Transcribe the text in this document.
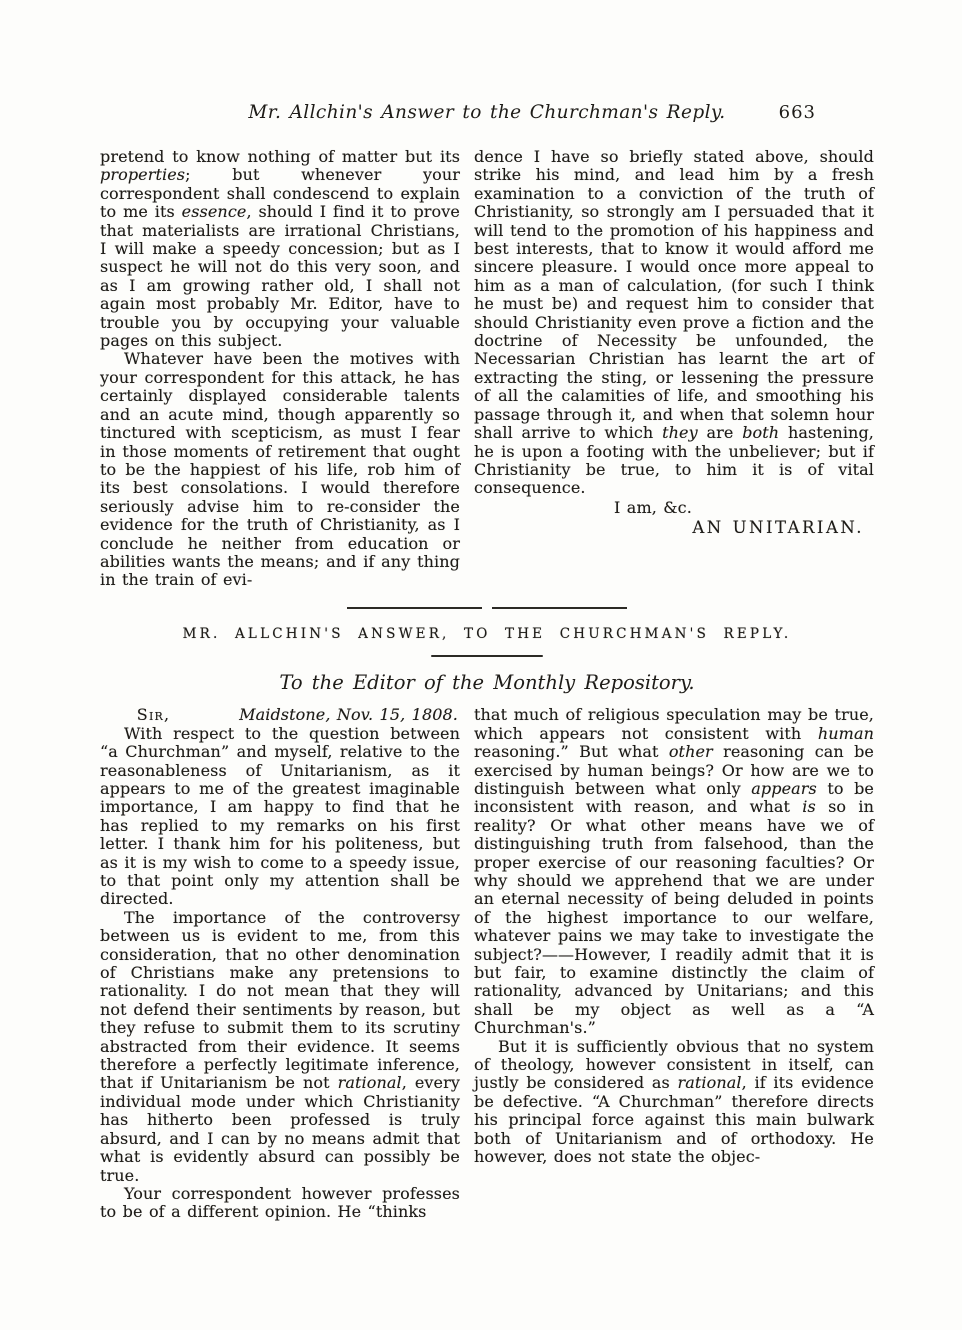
Mr. Allchin's Answer to the Churchman's Reply.	663

pretend to know nothing of matter but its properties; but whenever your correspondent shall condescend to explain to me its essence, should I find it to prove that materialists are irrational Christians, I will make a speedy concession; but as I suspect he will not do this very soon, and as I am growing rather old, I shall not again most probably Mr. Editor, have to trouble you by occupying your valuable pages on this subject.

Whatever have been the motives with your correspondent for this attack, he has certainly displayed considerable talents and an acute mind, though apparently so tinctured with scepticism, as must I fear in those moments of retirement that ought to be the happiest of his life, rob him of its best consolations. I would therefore seriously advise him to re-consider the evidence for the truth of Christianity, as I conclude he neither from education or abilities wants the means; and if any thing in the train of evi-

dence I have so briefly stated above, should strike his mind, and lead him by a fresh examination to a conviction of the truth of Christianity, so strongly am I persuaded that it will tend to the promotion of his happiness and best interests, that to know it would afford me sincere pleasure. I would once more appeal to him as a man of calculation, (for such I think he must be) and request him to consider that should Christianity even prove a fiction and the doctrine of Necessity be unfounded, the Necessarian Christian has learnt the art of extracting the sting, or lessening the pressure of all the calamities of life, and smoothing his passage through it, and when that solemn hour shall arrive to which they are both hastening, he is upon a footing with the unbeliever; but if Christianity be true, to him it is of vital consequence.

I am, &c.

AN UNITARIAN.

MR. ALLCHIN'S ANSWER, TO THE CHURCHMAN'S REPLY.
To the Editor of the Monthly Repository.

Sir,	Maidstone, Nov. 15, 1808.

With respect to the question between “a Churchman” and myself, relative to the reasonableness of Unitarianism, as it appears to me of the greatest imaginable importance, I am happy to find that he has replied to my remarks on his first letter. I thank him for his politeness, but as it is my wish to come to a speedy issue, to that point only my attention shall be directed.

The importance of the controversy between us is evident to me, from this consideration, that no other denomination of Christians make any pretensions to rationality. I do not mean that they will not defend their sentiments by reason, but they refuse to submit them to its scrutiny abstracted from their evidence. It seems therefore a perfectly legitimate inference, that if Unitarianism be not rational, every individual mode under which Christianity has hitherto been professed is truly absurd, and I can by no means admit that what is evidently absurd can possibly be true.

Your correspondent however professes to be of a different opinion. He “thinks

that much of religious speculation may be true, which appears not consistent with human reasoning.” But what other reasoning can be exercised by human beings? Or how are we to distinguish between what only appears to be inconsistent with reason, and what is so in reality? Or what other means have we of distinguishing truth from falsehood, than the proper exercise of our reasoning faculties? Or why should we apprehend that we are under an eternal necessity of being deluded in points of the highest importance to our welfare, whatever pains we may take to investigate the subject?——However, I readily admit that it is but fair, to examine distinctly the claim of rationality, advanced by Unitarians; and this shall be my object as well as a “A Churchman's.”

But it is sufficiently obvious that no system of theology, however consistent in itself, can justly be considered as rational, if its evidence be defective. “A Churchman” therefore directs his principal force against this main bulwark both of Unitarianism and of orthodoxy. He however, does not state the objec-
